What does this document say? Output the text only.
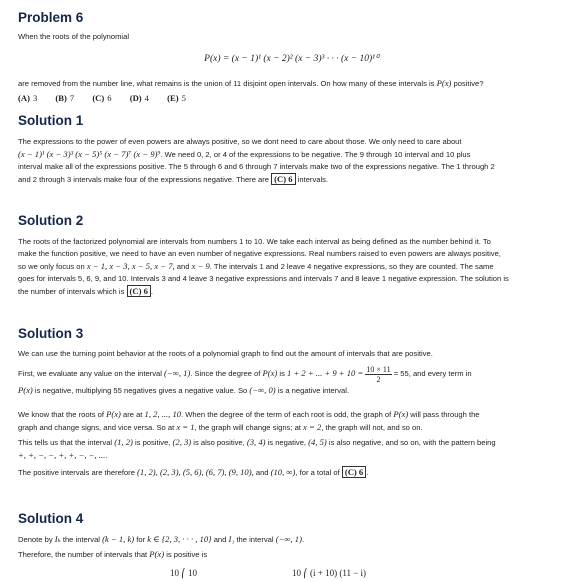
Problem 6

When the roots of the polynomial

P(x) = (x − 1)¹ (x − 2)² (x − 3)³ · · · (x − 10)¹⁰

are removed from the number line, what remains is the union of 11 disjoint open intervals. On how many of these intervals is P(x) positive?

(A) 3 (B) 7 (C) 6 (D) 4 (E) 5
Solution 1

The expressions to the power of even powers are always positive, so we dont need to care about those. We only need to care about

(x − 1)¹ (x − 3)³ (x − 5)⁵ (x − 7)⁷ (x − 9)⁹. We need 0, 2, or 4 of the expressions to be negative. The 9 through 10 interval and 10 plus

interval make all of the expressions positive. The 5 through 6 and 6 through 7 intervals make two of the expressions negative. The 1 through 2

and 2 through 3 intervals make four of the expressions negative. There are (C) 6 intervals.

Solution 2

The roots of the factorized polynomial are intervals from numbers 1 to 10. We take each interval as being defined as the number behind it. To

make the function positive, we need to have an even number of negative expressions. Real numbers raised to even powers are always positive,

so we only focus on x − 1, x − 3, x − 5, x − 7, and x − 9. The intervals 1 and 2 leave 4 negative expressions, so they are counted. The same

goes for intervals 5, 6, 9, and 10. Intervals 3 and 4 leave 3 negative expressions and intervals 7 and 8 leave 1 negative expression. The solution is

the number of intervals which is (C) 6 .

Solution 3

We can use the turning point behavior at the roots of a polynomial graph to find out the amount of intervals that are positive.

First, we evaluate any value on the interval (−∞, 1). Since the degree of P(x) is 1 + 2 + ... + $9 + 10 = \frac{10 \times 11}{2} = 55$, and every term in

P(x) is negative, multiplying 55 negatives gives a negative value. So (−∞, 0) is a negative interval.

We know that the roots of P(x) are at 1, 2, ..., 10. When the degree of the term of each root is odd, the graph of P(x) will pass through the

graph and change signs, and vice versa. So at x = 1, the graph will change signs; at x = 2, the graph will not, and so on.

This tells us that the interval (1, 2) is positive, (2, 3) is also positive, (3, 4) is negative, (4, 5) is also negative, and so on, with the pattern being

+, +, −, −, +, +, −, −, ....

The positive intervals are therefore (1, 2), (2, 3), (5, 6), (6, 7), (9, 10), and (10, ∞), for a total of (C) 6 .

Solution 4

Denote by Iₖ the interval (k − 1, k) for k ∈ {2, 3, · · · , 10} and I₁ the interval (−∞, 1).

Therefore, the number of intervals that P(x) is positive is

10 ⎛ 10	10 ⎛ (i + 10) (11 − i)
